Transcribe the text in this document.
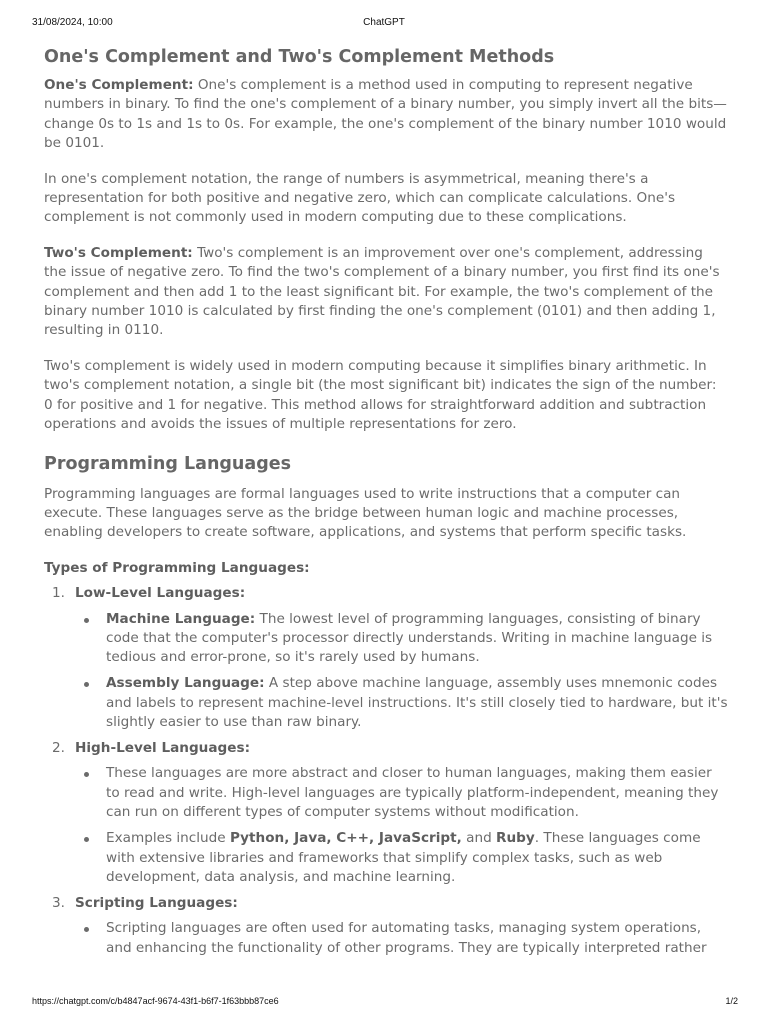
31/08/2024, 10:00	ChatGPT
One's Complement and Two's Complement Methods

One's Complement: One's complement is a method used in computing to represent negative numbers in binary. To find the one's complement of a binary number, you simply invert all the bits—change 0s to 1s and 1s to 0s. For example, the one's complement of the binary number 1010 would be 0101.

In one's complement notation, the range of numbers is asymmetrical, meaning there's a representation for both positive and negative zero, which can complicate calculations. One's complement is not commonly used in modern computing due to these complications.

Two's Complement: Two's complement is an improvement over one's complement, addressing the issue of negative zero. To find the two's complement of a binary number, you first find its one's complement and then add 1 to the least significant bit. For example, the two's complement of the binary number 1010 is calculated by first finding the one's complement (0101) and then adding 1, resulting in 0110.

Two's complement is widely used in modern computing because it simplifies binary arithmetic. In two's complement notation, a single bit (the most significant bit) indicates the sign of the number: 0 for positive and 1 for negative. This method allows for straightforward addition and subtraction operations and avoids the issues of multiple representations for zero.

Programming Languages

Programming languages are formal languages used to write instructions that a computer can execute. These languages serve as the bridge between human logic and machine processes, enabling developers to create software, applications, and systems that perform specific tasks.

Types of Programming Languages:
1. Low-Level Languages:
Machine Language: The lowest level of programming languages, consisting of binary code that the computer's processor directly understands. Writing in machine language is tedious and error-prone, so it's rarely used by humans.
Assembly Language: A step above machine language, assembly uses mnemonic codes and labels to represent machine-level instructions. It's still closely tied to hardware, but it's slightly easier to use than raw binary.
2. High-Level Languages:
These languages are more abstract and closer to human languages, making them easier to read and write. High-level languages are typically platform-independent, meaning they can run on different types of computer systems without modification.
Examples include Python, Java, C++, JavaScript, and Ruby. These languages come with extensive libraries and frameworks that simplify complex tasks, such as web development, data analysis, and machine learning.
3. Scripting Languages:
Scripting languages are often used for automating tasks, managing system operations, and enhancing the functionality of other programs. They are typically interpreted rather
https://chatgpt.com/c/b4847acf-9674-43f1-b6f7-1f63bbb87ce6	1/2
